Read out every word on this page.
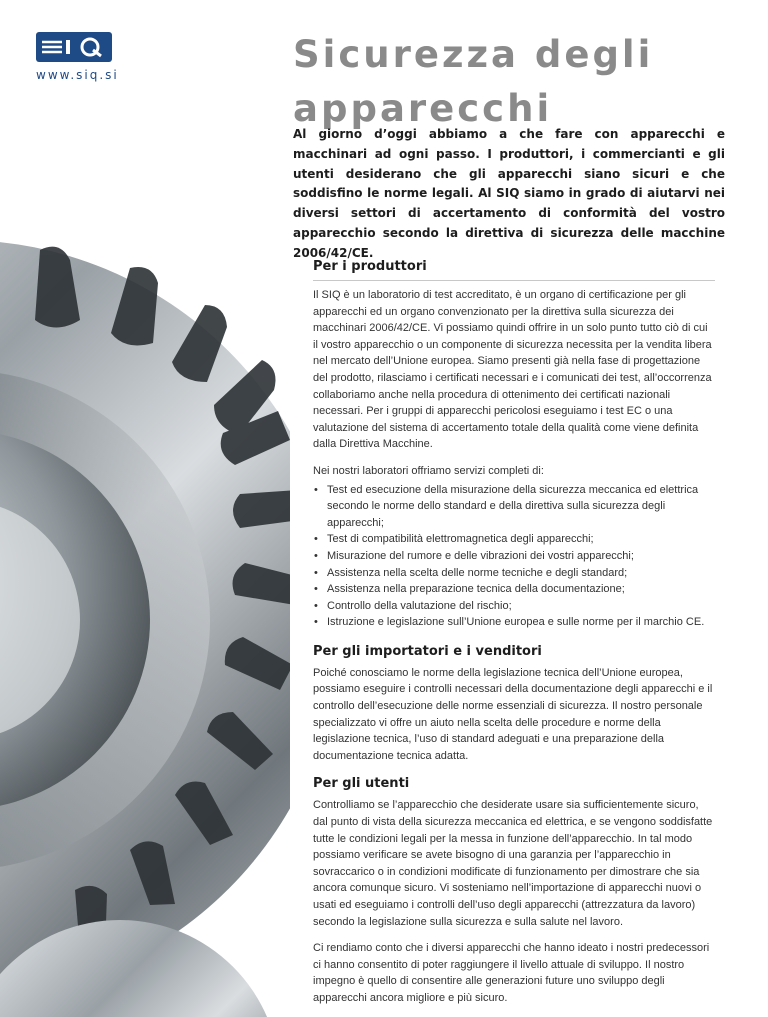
www.siq.si	Sicurezza degli apparecchi

Al giorno d’oggi abbiamo a che fare con apparecchi e macchinari ad ogni passo. I produttori, i commercianti e gli utenti desiderano che gli apparecchi siano sicuri e che soddisfino le norme legali. Al SIQ siamo in grado di aiutarvi nei diversi settori di accertamento di conformità del vostro apparecchio secondo la direttiva di sicurezza delle macchine 2006/42/CE.

Per i produttori

Il SIQ è un laboratorio di test accreditato, è un organo di certificazione per gli apparecchi ed un organo convenzionato per la direttiva sulla sicurezza dei macchinari 2006/42/CE. Vi possiamo quindi offrire in un solo punto tutto ciò di cui il vostro apparecchio o un componente di sicurezza necessita per la vendita libera nel mercato dell’Unione europea. Siamo presenti già nella fase di progettazione del prodotto, rilasciamo i certificati necessari e i comunicati dei test, all’occorrenza collaboriamo anche nella procedura di ottenimento dei certificati nazionali necessari. Per i gruppi di apparecchi pericolosi eseguiamo i test EC o una valutazione del sistema di accertamento totale della qualità come viene definita dalla Direttiva Macchine.

Nei nostri laboratori offriamo servizi completi di:

• Test ed esecuzione della misurazione della sicurezza meccanica ed elettrica secondo le norme dello standard e della direttiva sulla sicurezza degli apparecchi;
• Test di compatibilità elettromagnetica degli apparecchi;
• Misurazione del rumore e delle vibrazioni dei vostri apparecchi;
• Assistenza nella scelta delle norme tecniche e degli standard;
• Assistenza nella preparazione tecnica della documentazione;
• Controllo della valutazione del rischio;
• Istruzione e legislazione sull’Unione europea e sulle norme per il marchio CE.
Per gli importatori e i venditori

Poiché conosciamo le norme della legislazione tecnica dell’Unione europea, possiamo eseguire i controlli necessari della documentazione degli apparecchi e il controllo dell’esecuzione delle norme essenziali di sicurezza. Il nostro personale specializzato vi offre un aiuto nella scelta delle procedure e norme della legislazione tecnica, l’uso di standard adeguati e una preparazione della documentazione tecnica adatta.

Per gli utenti

Controlliamo se l’apparecchio che desiderate usare sia sufficientemente sicuro, dal punto di vista della sicurezza meccanica ed elettrica, e se vengono soddisfatte tutte le condizioni legali per la messa in funzione dell’apparecchio. In tal modo possiamo verificare se avete bisogno di una garanzia per l’apparecchio in sovraccarico o in condizioni modificate di funzionamento per dimostrare che sia ancora comunque sicuro. Vi sosteniamo nell’importazione di apparecchi nuovi o usati ed eseguiamo i controlli dell’uso degli apparecchi (attrezzatura da lavoro) secondo la legislazione sulla sicurezza e sulla salute nel lavoro.

Ci rendiamo conto che i diversi apparecchi che hanno ideato i nostri predecessori ci hanno consentito di poter raggiungere il livello attuale di sviluppo. Il nostro impegno è quello di consentire alle generazioni future uno sviluppo degli apparecchi ancora migliore e più sicuro.
